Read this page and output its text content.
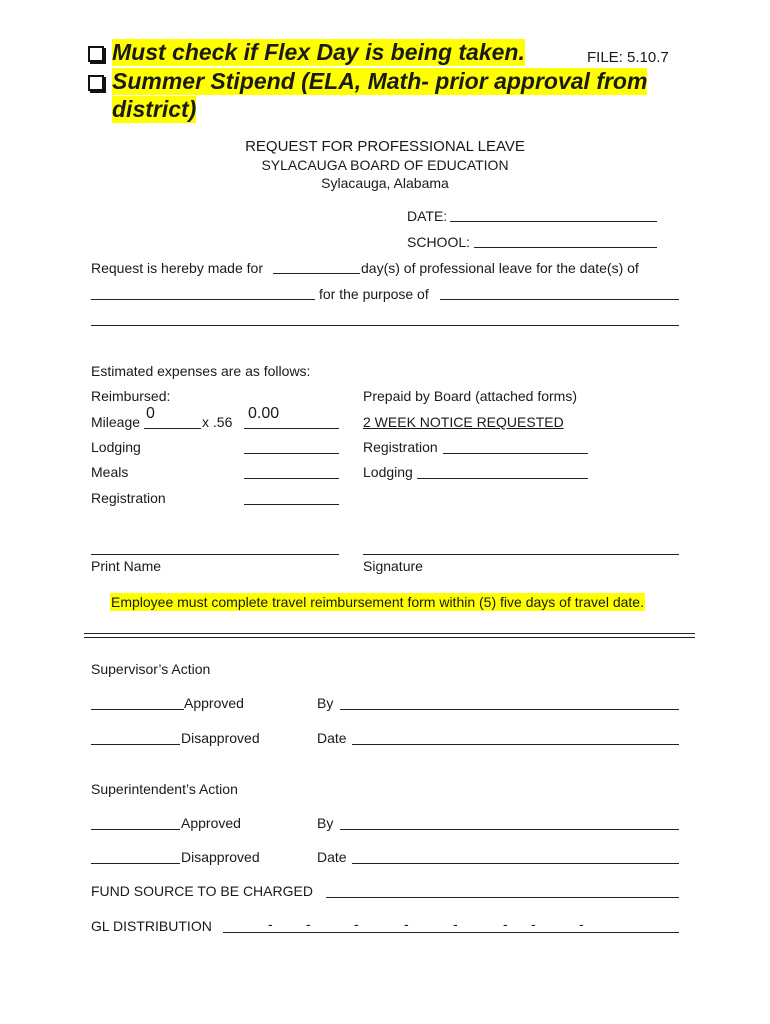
Must check if Flex Day is being taken.	FILE: 5.10.7
Summer Stipend (ELA, Math- prior approval from
district)
REQUEST FOR PROFESSIONAL LEAVE
SYLACAUGA BOARD OF EDUCATION
Sylacauga, Alabama
DATE:
SCHOOL:
Request is hereby made for	day(s) of professional leave for the date(s) of
for the purpose of
Estimated expenses are as follows:
Reimbursed:	Prepaid by Board (attached forms)
Mileage 0	x .56 0.00	2 WEEK NOTICE REQUESTED
Lodging	Registration
Meals	Lodging
Registration
Print Name	Signature
Employee must complete travel reimbursement form within (5) five days of travel date.
Supervisor’s Action
Approved	By
Disapproved	Date
Superintendent’s Action
Approved	By
Disapproved	Date
FUND SOURCE TO BE CHARGED
GL DISTRIBUTION	- -	-	-	-	- -	-
